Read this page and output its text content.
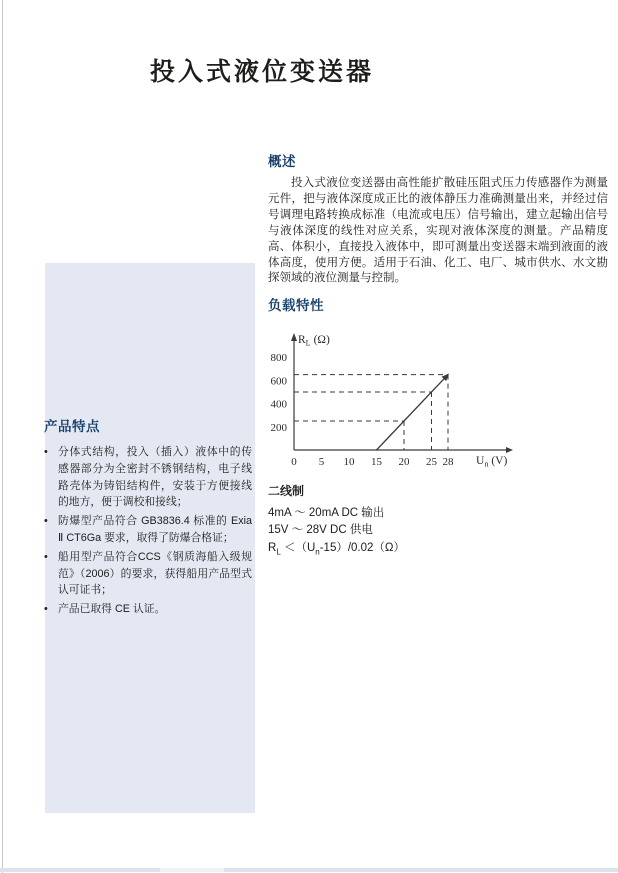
投入式液位变送器
概述

投入式液位变送器由高性能扩散硅压阻式压力传感器作为测量元件，把与液体深度成正比的液体静压力准确测量出来，并经过信号调理电路转换成标准（电流或电压）信号输出，建立起输出信号与液体深度的线性对应关系，实现对液体深度的测量。产品精度高、体积小，直接投入液体中，即可测量出变送器末端到液面的液体高度，使用方便。适用于石油、化工、电厂、城市供水、水文勘探领域的液位测量与控制。

负载特性
0 5 10 15 20 25 28
200
400
600
800
$R_L$ (Ω)
$U_n$ (V)
二线制
4mA ～ 20mA DC 输出
15V ～ 28V DC 供电
$R_L <(U_n-15)/0.02(\Omega)$
产品特点
• 分体式结构，投入（插入）液体中的传感器部分为全密封不锈钢结构，电子线路壳体为铸铝结构件，安装于方便接线的地方，便于调校和接线；
• 防爆型产品符合 GB3836.4 标准的 Exia Ⅱ CT6Ga 要求，取得了防爆合格证；
• 船用型产品符合CCS《钢质海船入级规范》（2006）的要求，获得船用产品型式认可证书；
• 产品已取得 CE 认证。
